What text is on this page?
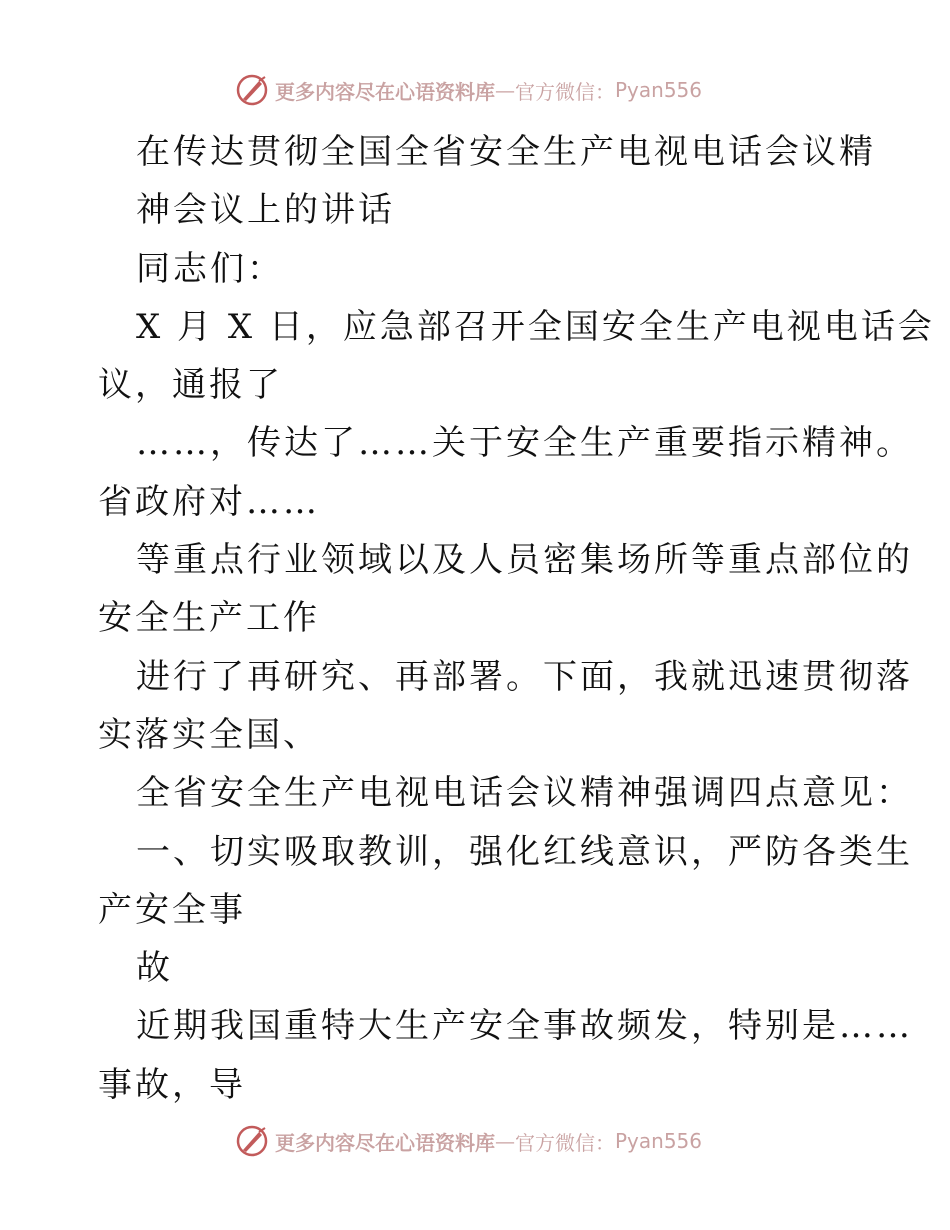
更多内容尽在心语资料库 — 官方微信： Pyan556
在传达贯彻全国全省安全生产电视电话会议精
神会议上的讲话
同志们：
X 月 X 日，应急部召开全国安全生产电视电话会
议，通报了
……，传达了……关于安全生产重要指示精神。
省政府对……
等重点行业领域以及人员密集场所等重点部位的
安全生产工作
进行了再研究、再部署。下面，我就迅速贯彻落
实落实全国、
全省安全生产电视电话会议精神强调四点意见：
一、切实吸取教训，强化红线意识，严防各类生
产安全事
故
近期我国重特大生产安全事故频发，特别是……
事故，导
更多内容尽在心语资料库 — 官方微信： Pyan556
